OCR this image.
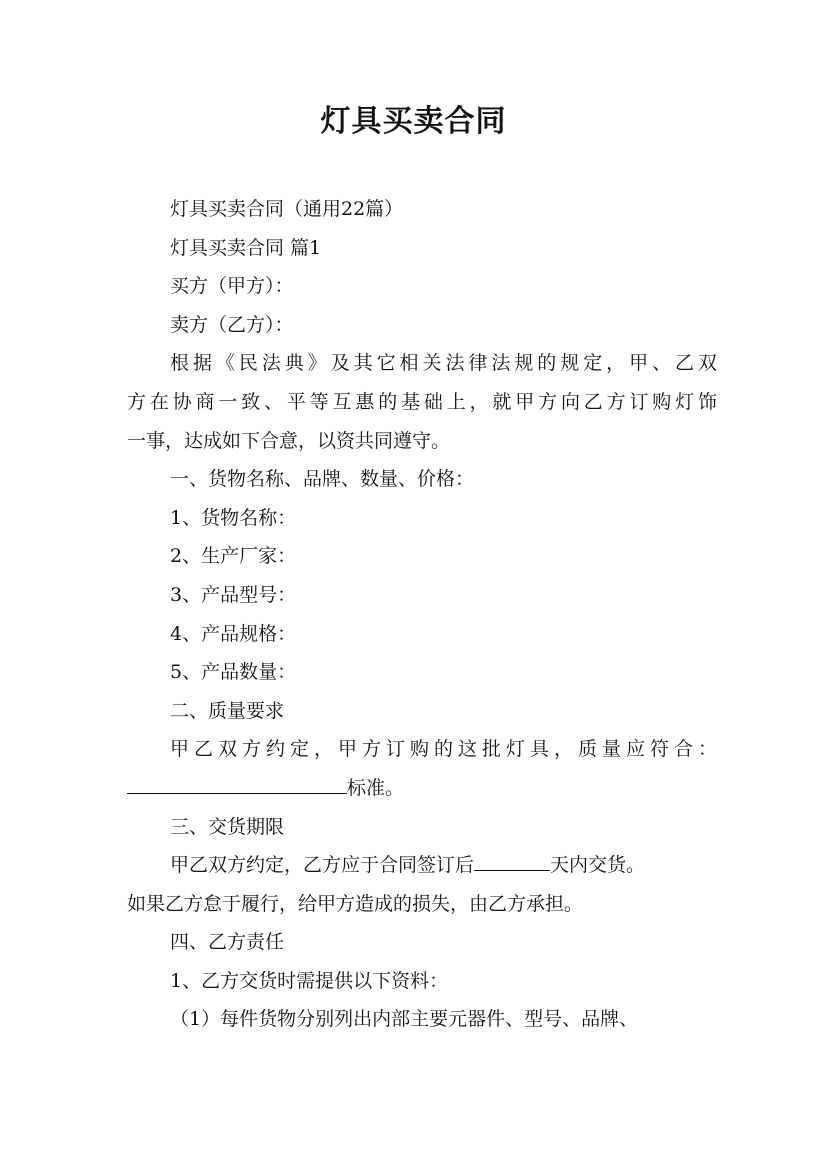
灯具买卖合同
灯具买卖合同（通用22篇）
灯具买卖合同 篇1
买方（甲方）：
卖方（乙方）：
根据《民法典》及其它相关法律法规的规定，甲、乙双
方在协商一致、平等互惠的基础上，就甲方向乙方订购灯饰
一事，达成如下合意，以资共同遵守。
一、货物名称、品牌、数量、价格：
1、货物名称：
2、生产厂家：
3、产品型号：
4、产品规格：
5、产品数量：
二、质量要求
甲乙双方约定，甲方订购的这批灯具，质量应符合：
标准。
三、交货期限
甲乙双方约定，乙方应于合同签订后	天内交货。
如果乙方怠于履行，给甲方造成的损失，由乙方承担。
四、乙方责任
1、乙方交货时需提供以下资料：
（1）每件货物分别列出内部主要元器件、型号、品牌、
